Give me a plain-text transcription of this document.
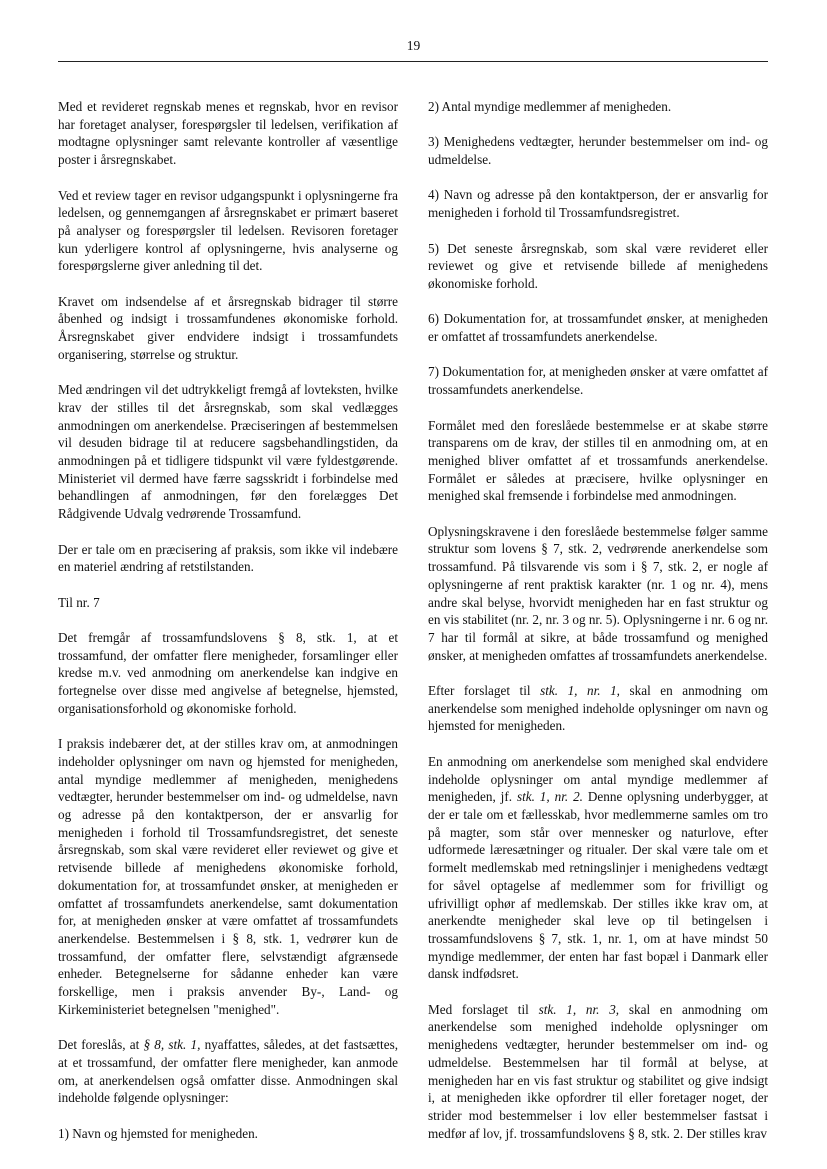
19

Med et revideret regnskab menes et regnskab, hvor en revisor har foretaget analyser, forespørgsler til ledelsen, verifikation af modtagne oplysninger samt relevante kontroller af væsentlige poster i årsregnskabet.

Ved et review tager en revisor udgangspunkt i oplysningerne fra ledelsen, og gennemgangen af årsregnskabet er primært baseret på analyser og forespørgsler til ledelsen. Revisoren foretager kun yderligere kontrol af oplysningerne, hvis analyserne og forespørgslerne giver anledning til det.

Kravet om indsendelse af et årsregnskab bidrager til større åbenhed og indsigt i trossamfundenes økonomiske forhold. Årsregnskabet giver endvidere indsigt i trossamfundets organisering, størrelse og struktur.

Med ændringen vil det udtrykkeligt fremgå af lovteksten, hvilke krav der stilles til det årsregnskab, som skal vedlægges anmodningen om anerkendelse. Præciseringen af bestemmelsen vil desuden bidrage til at reducere sagsbehandlingstiden, da anmodningen på et tidligere tidspunkt vil være fyldestgørende. Ministeriet vil dermed have færre sagsskridt i forbindelse med behandlingen af anmodningen, før den forelægges Det Rådgivende Udvalg vedrørende Trossamfund.

Der er tale om en præcisering af praksis, som ikke vil indebære en materiel ændring af retstilstanden.

Til nr. 7

Det fremgår af trossamfundslovens § 8, stk. 1, at et trossamfund, der omfatter flere menigheder, forsamlinger eller kredse m.v. ved anmodning om anerkendelse kan indgive en fortegnelse over disse med angivelse af betegnelse, hjemsted, organisationsforhold og økonomiske forhold.

I praksis indebærer det, at der stilles krav om, at anmodningen indeholder oplysninger om navn og hjemsted for menigheden, antal myndige medlemmer af menigheden, menighedens vedtægter, herunder bestemmelser om ind- og udmeldelse, navn og adresse på den kontaktperson, der er ansvarlig for menigheden i forhold til Trossamfundsregistret, det seneste årsregnskab, som skal være revideret eller reviewet og give et retvisende billede af menighedens økonomiske forhold, dokumentation for, at trossamfundet ønsker, at menigheden er omfattet af trossamfundets anerkendelse, samt dokumentation for, at menigheden ønsker at være omfattet af trossamfundets anerkendelse. Bestemmelsen i § 8, stk. 1, vedrører kun de trossamfund, der omfatter flere, selvstændigt afgrænsede enheder. Betegnelserne for sådanne enheder kan være forskellige, men i praksis anvender By-, Land- og Kirkeministeriet betegnelsen "menighed".

Det foreslås, at § 8, stk. 1, nyaffattes, således, at det fastsættes, at et trossamfund, der omfatter flere menigheder, kan anmode om, at anerkendelsen også omfatter disse. Anmodningen skal indeholde følgende oplysninger:

1) Navn og hjemsted for menigheden.

2) Antal myndige medlemmer af menigheden.

3) Menighedens vedtægter, herunder bestemmelser om ind- og udmeldelse.

4) Navn og adresse på den kontaktperson, der er ansvarlig for menigheden i forhold til Trossamfundsregistret.

5) Det seneste årsregnskab, som skal være revideret eller reviewet og give et retvisende billede af menighedens økonomiske forhold.

6) Dokumentation for, at trossamfundet ønsker, at menigheden er omfattet af trossamfundets anerkendelse.

7) Dokumentation for, at menigheden ønsker at være omfattet af trossamfundets anerkendelse.

Formålet med den foreslåede bestemmelse er at skabe større transparens om de krav, der stilles til en anmodning om, at en menighed bliver omfattet af et trossamfunds anerkendelse. Formålet er således at præcisere, hvilke oplysninger en menighed skal fremsende i forbindelse med anmodningen.

Oplysningskravene i den foreslåede bestemmelse følger samme struktur som lovens § 7, stk. 2, vedrørende anerkendelse som trossamfund. På tilsvarende vis som i § 7, stk. 2, er nogle af oplysningerne af rent praktisk karakter (nr. 1 og nr. 4), mens andre skal belyse, hvorvidt menigheden har en fast struktur og en vis stabilitet (nr. 2, nr. 3 og nr. 5). Oplysningerne i nr. 6 og nr. 7 har til formål at sikre, at både trossamfund og menighed ønsker, at menigheden omfattes af trossamfundets anerkendelse.

Efter forslaget til stk. 1, nr. 1, skal en anmodning om anerkendelse som menighed indeholde oplysninger om navn og hjemsted for menigheden.

En anmodning om anerkendelse som menighed skal endvidere indeholde oplysninger om antal myndige medlemmer af menigheden, jf. stk. 1, nr. 2. Denne oplysning underbygger, at der er tale om et fællesskab, hvor medlemmerne samles om tro på magter, som står over mennesker og naturlove, efter udformede læresætninger og ritualer. Der skal være tale om et formelt medlemskab med retningslinjer i menighedens vedtægt for såvel optagelse af medlemmer som for frivilligt og ufrivilligt ophør af medlemskab. Der stilles ikke krav om, at anerkendte menigheder skal leve op til betingelsen i trossamfundslovens § 7, stk. 1, nr. 1, om at have mindst 50 myndige medlemmer, der enten har fast bopæl i Danmark eller dansk indfødsret.

Med forslaget til stk. 1, nr. 3, skal en anmodning om anerkendelse som menighed indeholde oplysninger om menighedens vedtægter, herunder bestemmelser om ind- og udmeldelse. Bestemmelsen har til formål at belyse, at menigheden har en vis fast struktur og stabilitet og give indsigt i, at menigheden ikke opfordrer til eller foretager noget, der strider mod bestemmelser i lov eller bestemmelser fastsat i medfør af lov, jf. trossamfundslovens § 8, stk. 2. Der stilles krav
